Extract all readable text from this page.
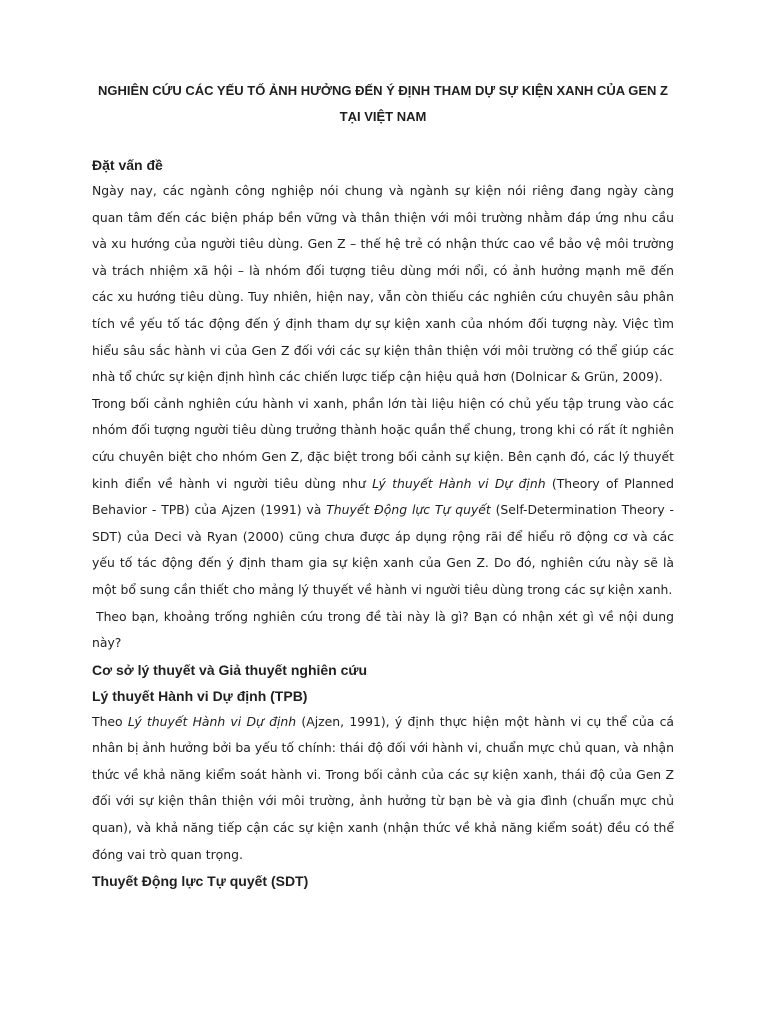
NGHIÊN CỨU CÁC YẾU TỐ ẢNH HƯỞNG ĐẾN Ý ĐỊNH THAM DỰ SỰ KIỆN XANH CỦA GEN Z TẠI VIỆT NAM
Đặt vấn đề

Ngày nay, các ngành công nghiệp nói chung và ngành sự kiện nói riêng đang ngày càng quan tâm đến các biện pháp bền vững và thân thiện với môi trường nhằm đáp ứng nhu cầu và xu hướng của người tiêu dùng. Gen Z – thế hệ trẻ có nhận thức cao về bảo vệ môi trường và trách nhiệm xã hội – là nhóm đối tượng tiêu dùng mới nổi, có ảnh hưởng mạnh mẽ đến các xu hướng tiêu dùng. Tuy nhiên, hiện nay, vẫn còn thiếu các nghiên cứu chuyên sâu phân tích về yếu tố tác động đến ý định tham dự sự kiện xanh của nhóm đối tượng này. Việc tìm hiểu sâu sắc hành vi của Gen Z đối với các sự kiện thân thiện với môi trường có thể giúp các nhà tổ chức sự kiện định hình các chiến lược tiếp cận hiệu quả hơn (Dolnicar & Grün, 2009).

Trong bối cảnh nghiên cứu hành vi xanh, phần lớn tài liệu hiện có chủ yếu tập trung vào các nhóm đối tượng người tiêu dùng trưởng thành hoặc quần thể chung, trong khi có rất ít nghiên cứu chuyên biệt cho nhóm Gen Z, đặc biệt trong bối cảnh sự kiện. Bên cạnh đó, các lý thuyết kinh điển về hành vi người tiêu dùng như Lý thuyết Hành vi Dự định (Theory of Planned Behavior - TPB) của Ajzen (1991) và Thuyết Động lực Tự quyết (Self-Determination Theory - SDT) của Deci và Ryan (2000) cũng chưa được áp dụng rộng rãi để hiểu rõ động cơ và các yếu tố tác động đến ý định tham gia sự kiện xanh của Gen Z. Do đó, nghiên cứu này sẽ là một bổ sung cần thiết cho mảng lý thuyết về hành vi người tiêu dùng trong các sự kiện xanh.

Theo bạn, khoảng trống nghiên cứu trong đề tài này là gì? Bạn có nhận xét gì về nội dung này?

Cơ sở lý thuyết và Giả thuyết nghiên cứu
Lý thuyết Hành vi Dự định (TPB)

Theo Lý thuyết Hành vi Dự định (Ajzen, 1991), ý định thực hiện một hành vi cụ thể của cá nhân bị ảnh hưởng bởi ba yếu tố chính: thái độ đối với hành vi, chuẩn mực chủ quan, và nhận thức về khả năng kiểm soát hành vi. Trong bối cảnh của các sự kiện xanh, thái độ của Gen Z đối với sự kiện thân thiện với môi trường, ảnh hưởng từ bạn bè và gia đình (chuẩn mực chủ quan), và khả năng tiếp cận các sự kiện xanh (nhận thức về khả năng kiểm soát) đều có thể đóng vai trò quan trọng.

Thuyết Động lực Tự quyết (SDT)
